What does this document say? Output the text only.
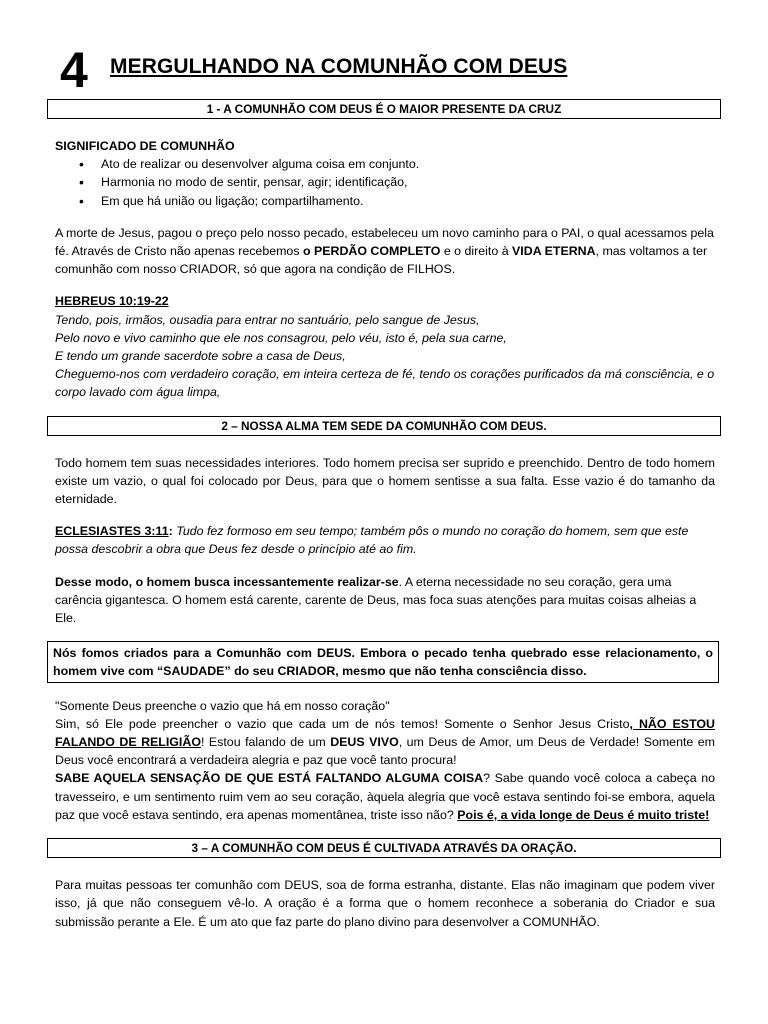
4 MERGULHANDO NA COMUNHÃO COM DEUS
1 - A COMUNHÃO COM DEUS É O MAIOR PRESENTE DA CRUZ

SIGNIFICADO DE COMUNHÃO

• Ato de realizar ou desenvolver alguma coisa em conjunto.
• Harmonia no modo de sentir, pensar, agir; identificação,
• Em que há união ou ligação; compartilhamento.

A morte de Jesus, pagou o preço pelo nosso pecado, estabeleceu um novo caminho para o PAI, o qual acessamos pela fé. Através de Cristo não apenas recebemos o PERDÃO COMPLETO e o direito à VIDA ETERNA, mas voltamos a ter comunhão com nosso CRIADOR, só que agora na condição de FILHOS.

HEBREUS 10:19-22

Tendo, pois, irmãos, ousadia para entrar no santuário, pelo sangue de Jesus,

Pelo novo e vivo caminho que ele nos consagrou, pelo véu, isto é, pela sua carne,

E tendo um grande sacerdote sobre a casa de Deus,

Cheguemo-nos com verdadeiro coração, em inteira certeza de fé, tendo os corações purificados da má consciência, e o corpo lavado com água limpa,

2 – NOSSA ALMA TEM SEDE DA COMUNHÃO COM DEUS.

Todo homem tem suas necessidades interiores. Todo homem precisa ser suprido e preenchido. Dentro de todo homem existe um vazio, o qual foi colocado por Deus, para que o homem sentisse a sua falta. Esse vazio é do tamanho da eternidade.

ECLESIASTES 3:11: Tudo fez formoso em seu tempo; também pôs o mundo no coração do homem, sem que este possa descobrir a obra que Deus fez desde o princípio até ao fim.

Desse modo, o homem busca incessantemente realizar-se. A eterna necessidade no seu coração, gera uma carência gigantesca. O homem está carente, carente de Deus, mas foca suas atenções para muitas coisas alheias a Ele.

Nós fomos criados para a Comunhão com DEUS. Embora o pecado tenha quebrado esse relacionamento, o homem vive com “SAUDADE” do seu CRIADOR, mesmo que não tenha consciência disso.

"Somente Deus preenche o vazio que há em nosso coração"

Sim, só Ele pode preencher o vazio que cada um de nós temos! Somente o Senhor Jesus Cristo, NÃO ESTOU FALANDO DE RELIGIÃO! Estou falando de um DEUS VIVO, um Deus de Amor, um Deus de Verdade! Somente em Deus você encontrará a verdadeira alegria e paz que você tanto procura!

SABE AQUELA SENSAÇÃO DE QUE ESTÁ FALTANDO ALGUMA COISA? Sabe quando você coloca a cabeça no travesseiro, e um sentimento ruim vem ao seu coração, àquela alegria que você estava sentindo foi-se embora, aquela paz que você estava sentindo, era apenas momentânea, triste isso não? Pois é, a vida longe de Deus é muito triste!

3 – A COMUNHÃO COM DEUS É CULTIVADA ATRAVÉS DA ORAÇÃO.

Para muitas pessoas ter comunhão com DEUS, soa de forma estranha, distante. Elas não imaginam que podem viver isso, já que não conseguem vê-lo. A oração é a forma que o homem reconhece a soberania do Criador e sua submissão perante a Ele. É um ato que faz parte do plano divino para desenvolver a COMUNHÃO.
